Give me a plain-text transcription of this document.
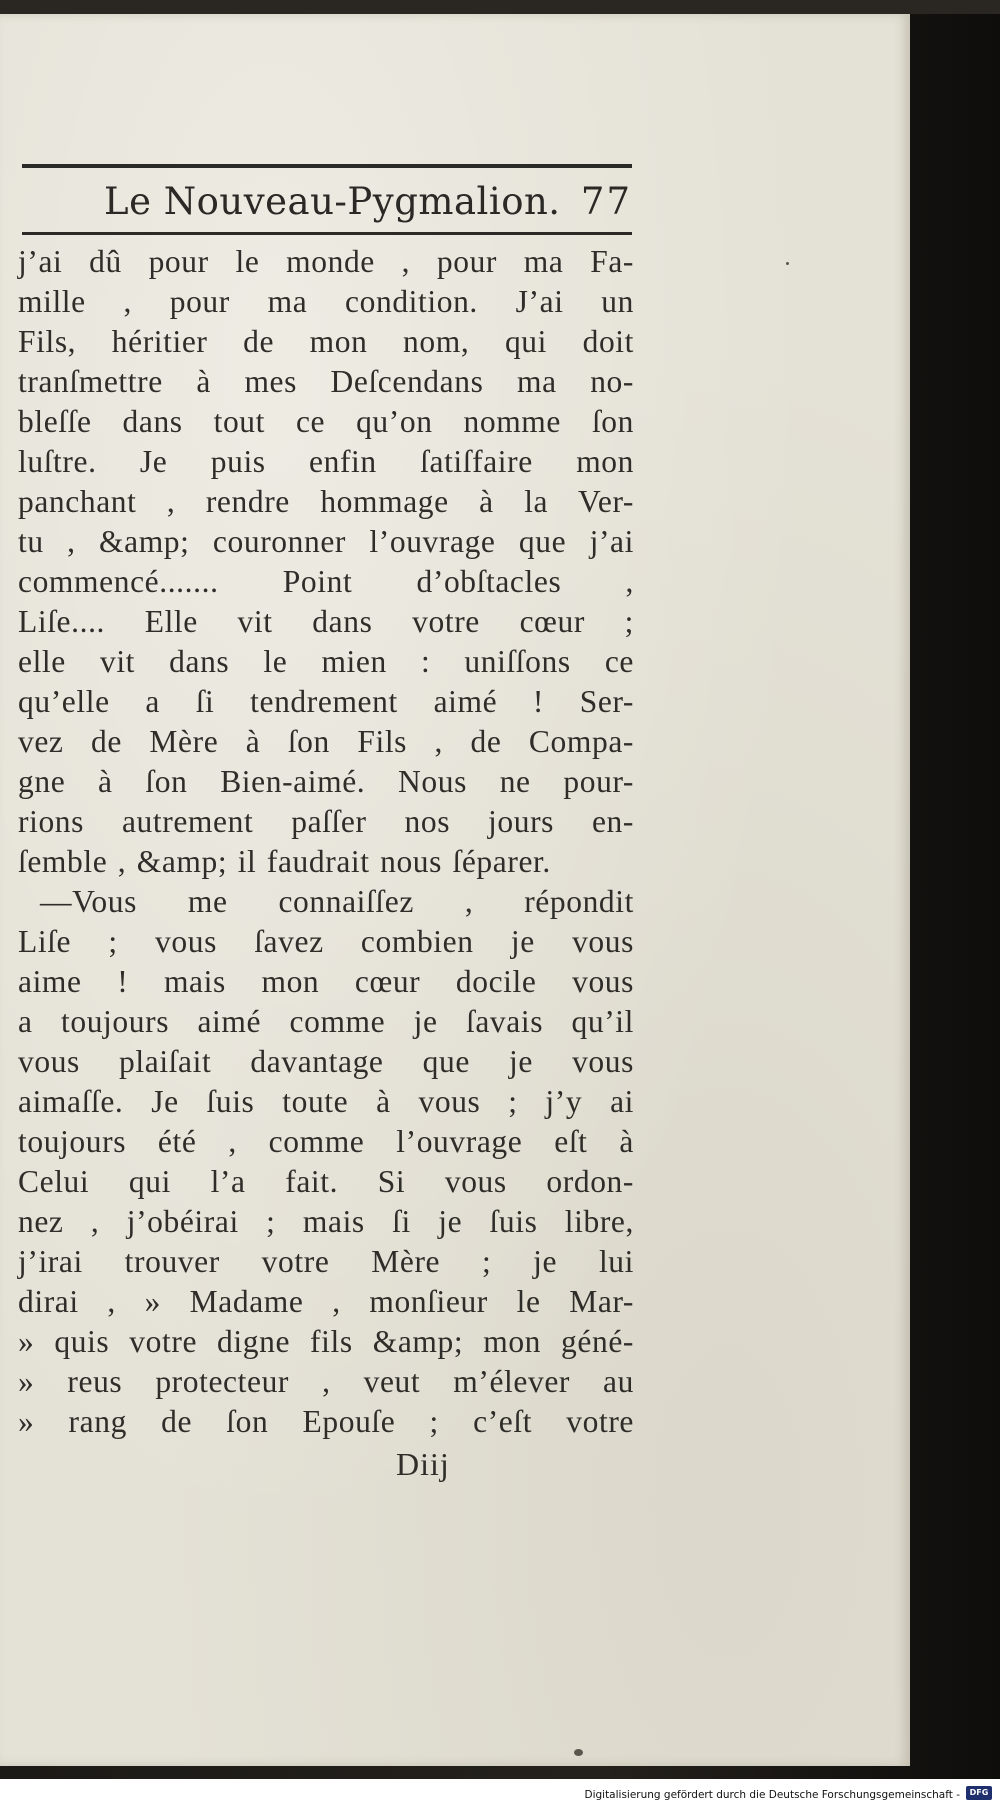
Le Nouveau-Pygmalion. 77
j’ai dû pour le monde , pour ma Fa-
mille , pour ma condition. J’ai un
Fils, héritier de mon nom, qui doit
tranſmettre à mes Deſcendans ma no-
bleſſe dans tout ce qu’on nomme ſon
luſtre. Je puis enfin ſatiſfaire mon
panchant , rendre hommage à la Ver-
tu , &amp; couronner l’ouvrage que j’ai
commencé....... Point d’obſtacles ,
Liſe.... Elle vit dans votre cœur ;
elle vit dans le mien : uniſſons ce
qu’elle a ſi tendrement aimé ! Ser-
vez de Mère à ſon Fils , de Compa-
gne à ſon Bien-aimé. Nous ne pour-
rions autrement paſſer nos jours en-
ſemble , &amp; il faudrait nous ſéparer.
—Vous me connaiſſez , répondit
Liſe ; vous ſavez combien je vous
aime ! mais mon cœur docile vous
a toujours aimé comme je ſavais qu’il
vous plaiſait davantage que je vous
aimaſſe. Je ſuis toute à vous ; j’y ai
toujours été , comme l’ouvrage eſt à
Celui qui l’a fait. Si vous ordon-
nez , j’obéirai ; mais ſi je ſuis libre,
j’irai trouver votre Mère ; je lui
dirai , » Madame , monſieur le Mar-
» quis votre digne fils &amp; mon géné-
» reus protecteur , veut m’élever au
» rang de ſon Epouſe ; c’eſt votre
Diij
Digitalisierung gefördert durch die Deutsche Forschungsgemeinschaft -	DFG
